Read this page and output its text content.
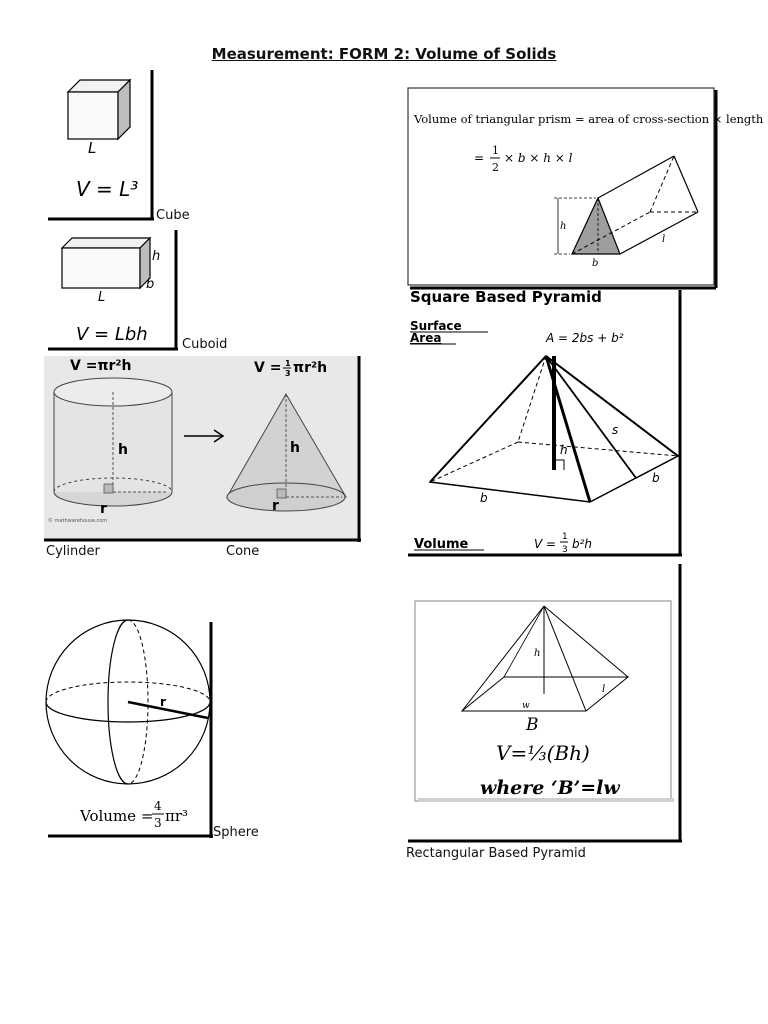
Measurement: FORM 2: Volume of Solids
L
V = L³
Cube
h
b
L
V = Lbh	Cuboid
V =πr²h
h
r
© mathwarehouse.com
V = 1
3 πr²h
h
r
Cylinder	Cone
r
Volume =
4
3 πr³
Sphere
Volume of triangular prism = area of cross-section × length
=
1
2
× b × h × l
h
b
l
Square Based Pyramid
Surface
Area	A = 2bs + b²
h
s
b
b
Volume	V = 1
3 b²h
h
w
l
B
V=⅓(Bh)
where ‘B’=lw
Rectangular Based Pyramid
